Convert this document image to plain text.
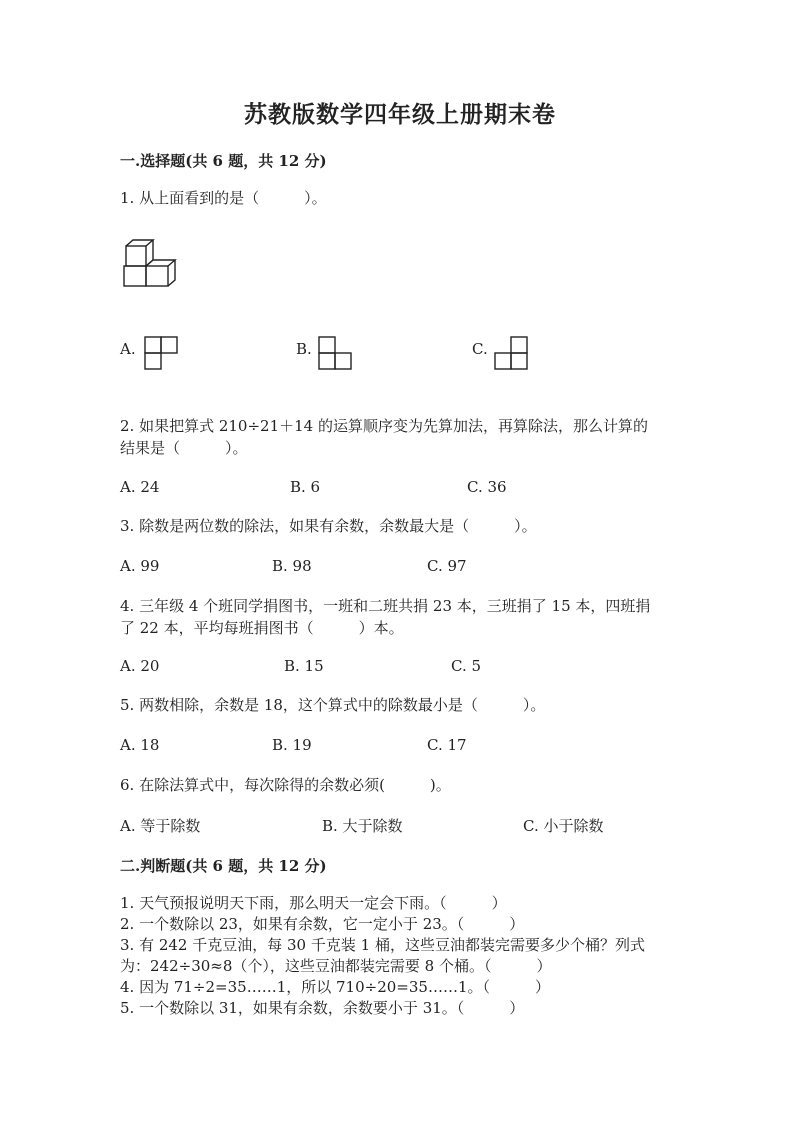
苏教版数学四年级上册期末卷
一.选择题(共 6 题，共 12 分)
1. 从上面看到的是（　　　）。
A.	B.	C.
2. 如果把算式 210÷21＋14 的运算顺序变为先算加法，再算除法，那么计算的
结果是（　　　）。
A. 24	B. 6	C. 36
3. 除数是两位数的除法，如果有余数，余数最大是（　　　）。
A. 99	B. 98	C. 97
4. 三年级 4 个班同学捐图书，一班和二班共捐 23 本，三班捐了 15 本，四班捐
了 22 本，平均每班捐图书（　　　）本。
A. 20	B. 15	C. 5
5. 两数相除，余数是 18，这个算式中的除数最小是（　　　）。
A. 18	B. 19	C. 17
6. 在除法算式中，每次除得的余数必须(　　　)。
A. 等于除数	B. 大于除数	C. 小于除数
二.判断题(共 6 题，共 12 分)
1. 天气预报说明天下雨，那么明天一定会下雨。（　　　）
2. 一个数除以 23，如果有余数，它一定小于 23。（　　　）
3. 有 242 千克豆油，每 30 千克装 1 桶，这些豆油都装完需要多少个桶？列式
为：242÷30≈8（个），这些豆油都装完需要 8 个桶。（　　　）
4. 因为 71÷2=35……1，所以 710÷20=35……1。（　　　）
5. 一个数除以 31，如果有余数，余数要小于 31。（　　　）
